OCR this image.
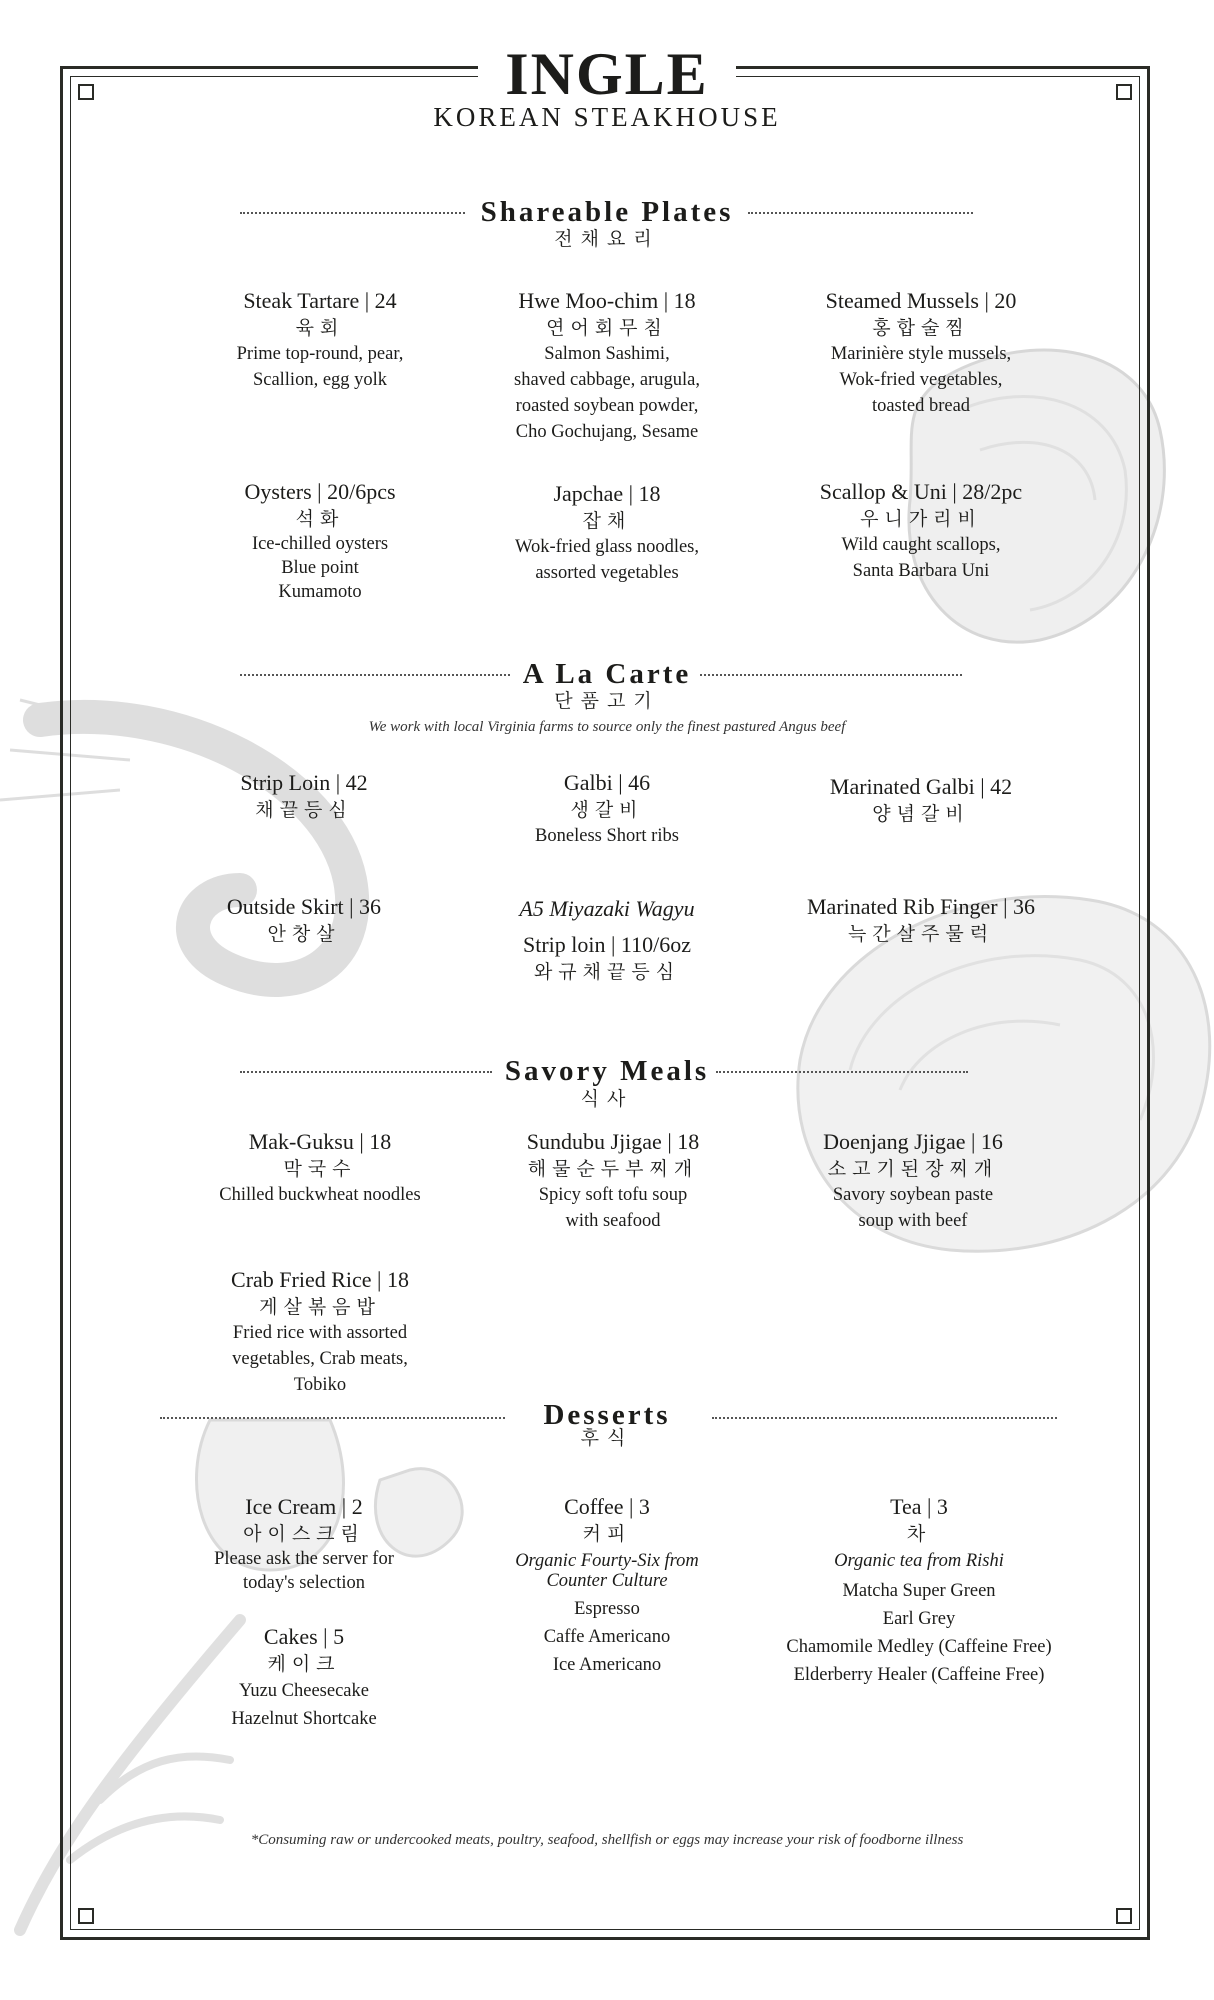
INGLE
KOREAN STEAKHOUSE
Shareable Plates
전채요리
Steak Tartare | 24
육회
Prime top-round, pear,
Scallion, egg yolk
Hwe Moo-chim | 18
연어회무침
Salmon Sashimi,
shaved cabbage, arugula,
roasted soybean powder,
Cho Gochujang, Sesame
Steamed Mussels | 20
홍합술찜
Marinière style mussels,
Wok-fried vegetables,
toasted bread
Oysters | 20/6pcs
석화
Ice-chilled oysters
Blue point
Kumamoto
Japchae | 18
잡채
Wok-fried glass noodles,
assorted vegetables
Scallop & Uni | 28/2pc
우니가리비
Wild caught scallops,
Santa Barbara Uni
A La Carte
단품고기
We work with local Virginia farms to source only the finest pastured Angus beef
Strip Loin | 42
채끝등심
Galbi | 46
생갈비
Boneless Short ribs
Marinated Galbi | 42
양념갈비
Outside Skirt | 36
안창살
A5 Miyazaki Wagyu
Strip loin | 110/6oz
와규채끝등심
Marinated Rib Finger | 36
늑간살주물럭
Savory Meals
식사
Mak-Guksu | 18
막국수
Chilled buckwheat noodles
Sundubu Jjigae | 18
해물순두부찌개
Spicy soft tofu soup
with seafood
Doenjang Jjigae | 16
소고기된장찌개
Savory soybean paste
soup with beef
Crab Fried Rice | 18
게살볶음밥
Fried rice with assorted
vegetables, Crab meats,
Tobiko
Desserts
후식
Ice Cream | 2
아이스크림
Please ask the server for
today's selection
Cakes | 5
케이크
Yuzu Cheesecake
Hazelnut Shortcake
Coffee | 3
커피
Organic Fourty-Six from
Counter Culture
Espresso
Caffe Americano
Ice Americano
Tea | 3
차
Organic tea from Rishi
Matcha Super Green
Earl Grey
Chamomile Medley (Caffeine Free)
Elderberry Healer (Caffeine Free)
*Consuming raw or undercooked meats, poultry, seafood, shellfish or eggs may increase your risk of foodborne illness
